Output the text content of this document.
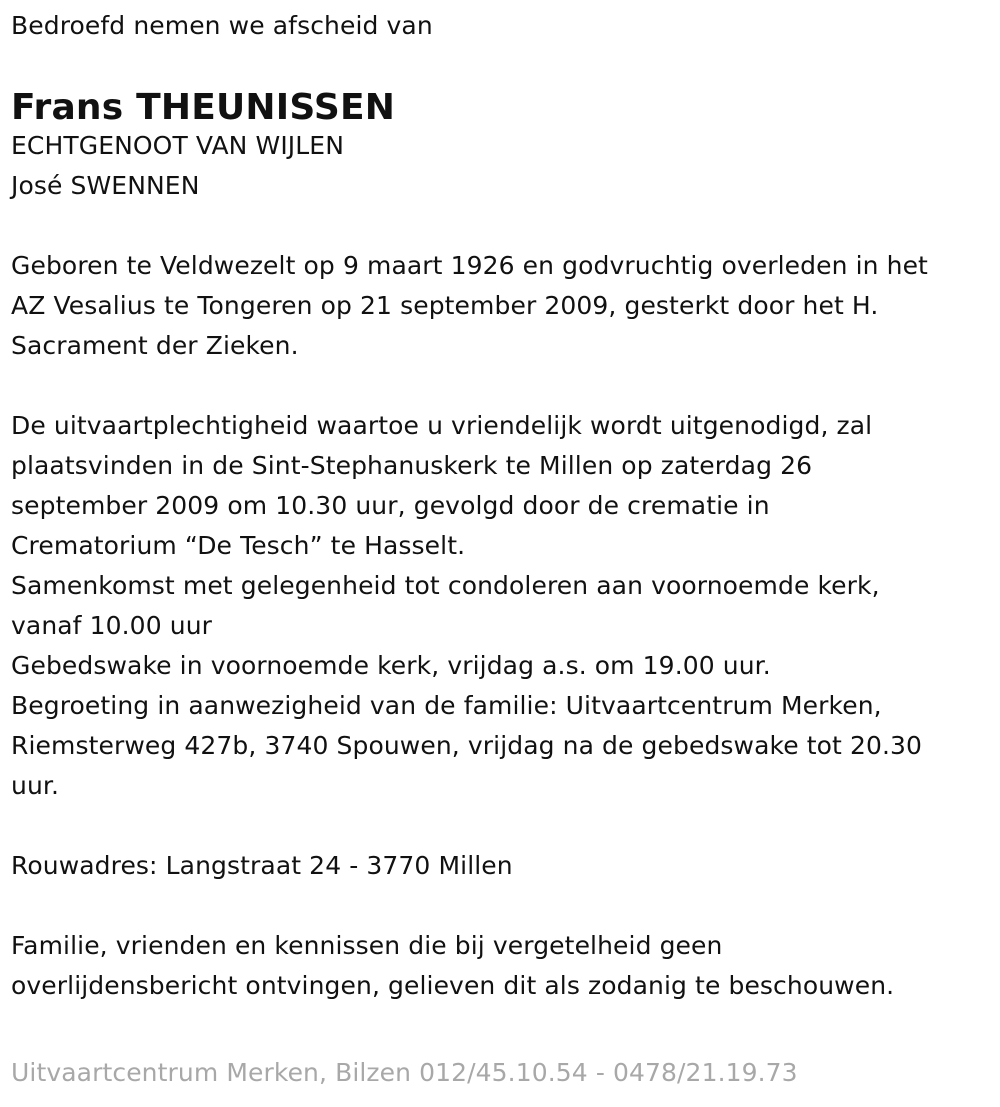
Bedroefd nemen we afscheid van

Frans THEUNISSEN

ECHTGENOOT VAN WIJLEN

José SWENNEN

Geboren te Veldwezelt op 9 maart 1926 en godvruchtig overleden in het

AZ Vesalius te Tongeren op 21 september 2009, gesterkt door het H.

Sacrament der Zieken.

De uitvaartplechtigheid waartoe u vriendelijk wordt uitgenodigd, zal

plaatsvinden in de Sint-Stephanuskerk te Millen op zaterdag 26

september 2009 om 10.30 uur, gevolgd door de crematie in

Crematorium “De Tesch” te Hasselt.

Samenkomst met gelegenheid tot condoleren aan voornoemde kerk,

vanaf 10.00 uur

Gebedswake in voornoemde kerk, vrijdag a.s. om 19.00 uur.

Begroeting in aanwezigheid van de familie: Uitvaartcentrum Merken,

Riemsterweg 427b, 3740 Spouwen, vrijdag na de gebedswake tot 20.30

uur.

Rouwadres: Langstraat 24 - 3770 Millen

Familie, vrienden en kennissen die bij vergetelheid geen

overlijdensbericht ontvingen, gelieven dit als zodanig te beschouwen.

Uitvaartcentrum Merken, Bilzen 012/45.10.54 - 0478/21.19.73
